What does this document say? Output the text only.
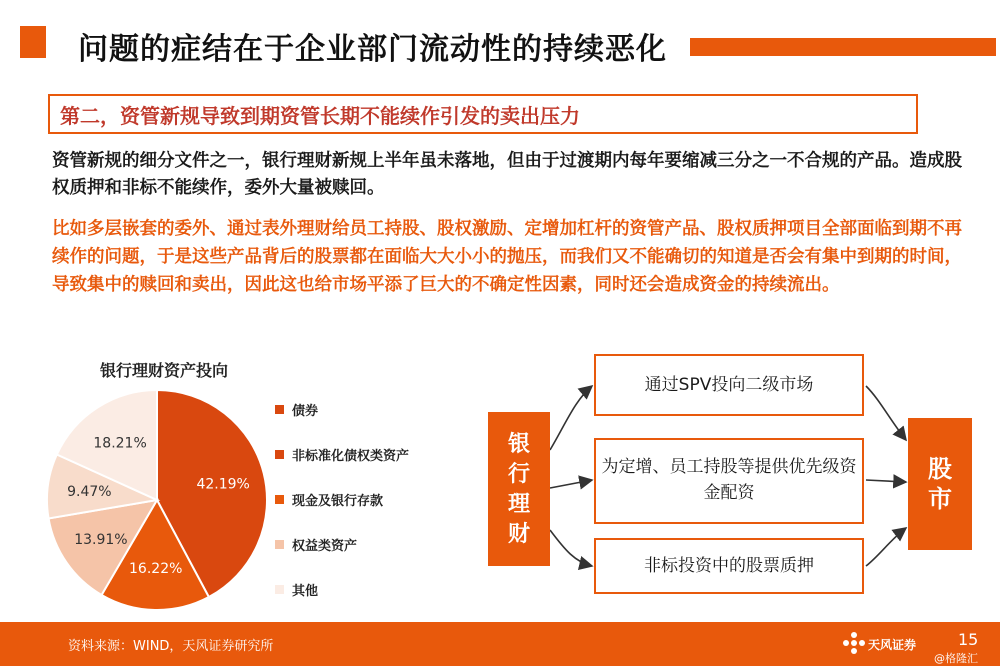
问题的症结在于企业部门流动性的持续恶化
第二，资管新规导致到期资管长期不能续作引发的卖出压力
资管新规的细分文件之一，银行理财新规上半年虽未落地，但由于过渡期内每年要缩减三分之一不合规的产品。造成股权质押和非标不能续作，委外大量被赎回。
比如多层嵌套的委外、通过表外理财给员工持股、股权激励、定增加杠杆的资管产品、股权质押项目全部面临到期不再续作的问题，于是这些产品背后的股票都在面临大大小小的抛压，而我们又不能确切的知道是否会有集中到期的时间，导致集中的赎回和卖出，因此这也给市场平添了巨大的不确定性因素，同时还会造成资金的持续流出。
银行理财资产投向
42.19%
16.22%
13.91%
9.47%
18.21%
债券
非标准化债权类资产
现金及银行存款
权益类资产
其他
银
行
理
财
通过SPV投向二级市场
为定增、员工持股等提供优先级资金配资
非标投资中的股票质押
股
市
资料来源：WIND，天风证券研究所	天风证券	15
@格隆汇
